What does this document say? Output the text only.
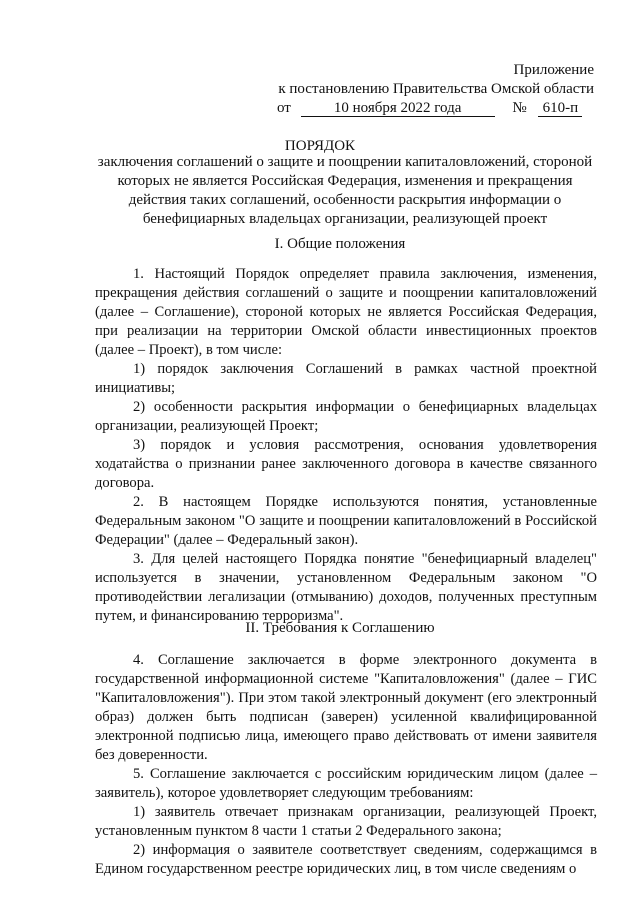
Приложение
к постановлению Правительства Омской области
от	10 ноября 2022 года	№ 610-п
ПОРЯДОК
заключения соглашений о защите и поощрении капиталовложений, стороной
которых не является Российская Федерация, изменения и прекращения
действия таких соглашений, особенности раскрытия информации о
бенефициарных владельцах организации, реализующей проект
I. Общие положения

1. Настоящий Порядок определяет правила заключения, изменения, прекращения действия соглашений о защите и поощрении капиталовложений (далее – Соглашение), стороной которых не является Российская Федерация, при реализации на территории Омской области инвестиционных проектов (далее – Проект), в том числе:

1) порядок заключения Соглашений в рамках частной проектной инициативы;

2) особенности раскрытия информации о бенефициарных владельцах организации, реализующей Проект;

3) порядок и условия рассмотрения, основания удовлетворения ходатайства о признании ранее заключенного договора в качестве связанного договора.

2. В настоящем Порядке используются понятия, установленные Федеральным законом "О защите и поощрении капиталовложений в Российской Федерации" (далее – Федеральный закон).

3. Для целей настоящего Порядка понятие "бенефициарный владелец" используется в значении, установленном Федеральным законом "О противодействии легализации (отмыванию) доходов, полученных преступным путем, и финансированию терроризма".

II. Требования к Соглашению

4. Соглашение заключается в форме электронного документа в государственной информационной системе "Капиталовложения" (далее – ГИС "Капиталовложения"). При этом такой электронный документ (его электронный образ) должен быть подписан (заверен) усиленной квалифицированной электронной подписью лица, имеющего право действовать от имени заявителя без доверенности.

5. Соглашение заключается с российским юридическим лицом (далее – заявитель), которое удовлетворяет следующим требованиям:

1) заявитель отвечает признакам организации, реализующей Проект, установленным пунктом 8 части 1 статьи 2 Федерального закона;

2) информация о заявителе соответствует сведениям, содержащимся в Едином государственном реестре юридических лиц, в том числе сведениям о
